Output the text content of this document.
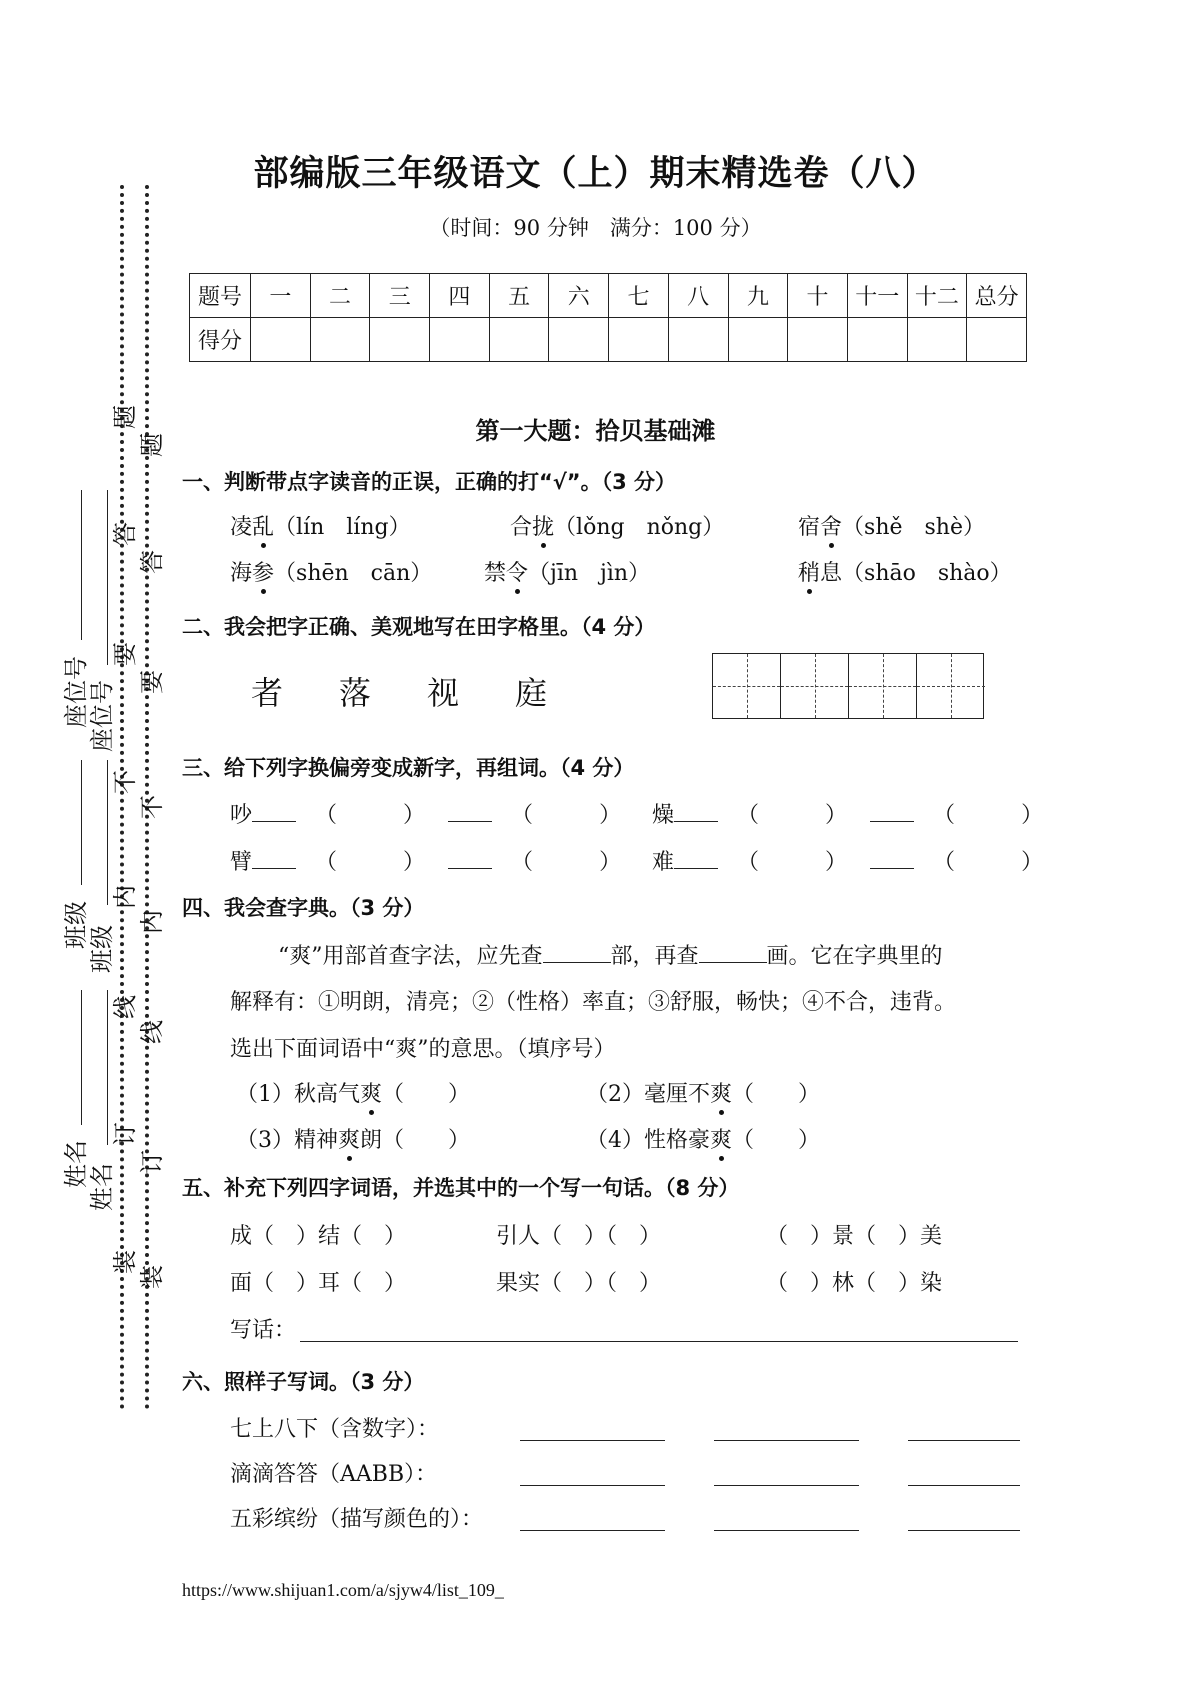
装
订
线
内
不
要
答
题
装
订
线
内
不
要
答
题
姓名
班级
座位号
姓名
班级
座位号
部编版三年级语文（上）期末精选卷（八）
（时间：90 分钟　满分：100 分）
题号	一	二	三	四	五	六	七	八	九	十	十一	十二	总分
得分													
第一大题：拾贝基础滩
一、判断带点字读音的正误，正确的打“√”。（3 分）
凌乱（lín　líng）	合拢（lǒng　nǒng）	宿舍（shě　shè）
海参（shēn　cān） 禁令（jīn　jìn）	稍息（shāo　shào）
二、我会把字正确、美观地写在田字格里。（4 分）
者 落 视 庭
三、给下列字换偏旁变成新字，再组词。（4 分）
吵	（	）	（	） 燥	（	）	（	）
臂	（	）	（	） 难	（	）	（	）
四、我会查字典。（3 分）
“爽”用部首查字法，应先查	部，再查	画。它在字典里的
解释有：①明朗，清亮；②（性格）率直；③舒服，畅快；④不合，违背。
选出下面词语中“爽”的意思。（填序号）
（1）秋高气爽（　　）	（2）毫厘不爽（　　）
（3）精神爽朗（　　）	（4）性格豪爽（　　）
五、补充下列四字词语，并选其中的一个写一句话。（8 分）
成（　）结（　）	引人（　）（　）	（　）景（　）美
面（　）耳（　）	果实（　）（　）	（　）林（　）染
写话：
六、照样子写词。（3 分）
七上八下（含数字）：
滴滴答答（AABB）：
五彩缤纷（描写颜色的）：
https://www.shijuan1.com/a/sjyw4/list_109_
